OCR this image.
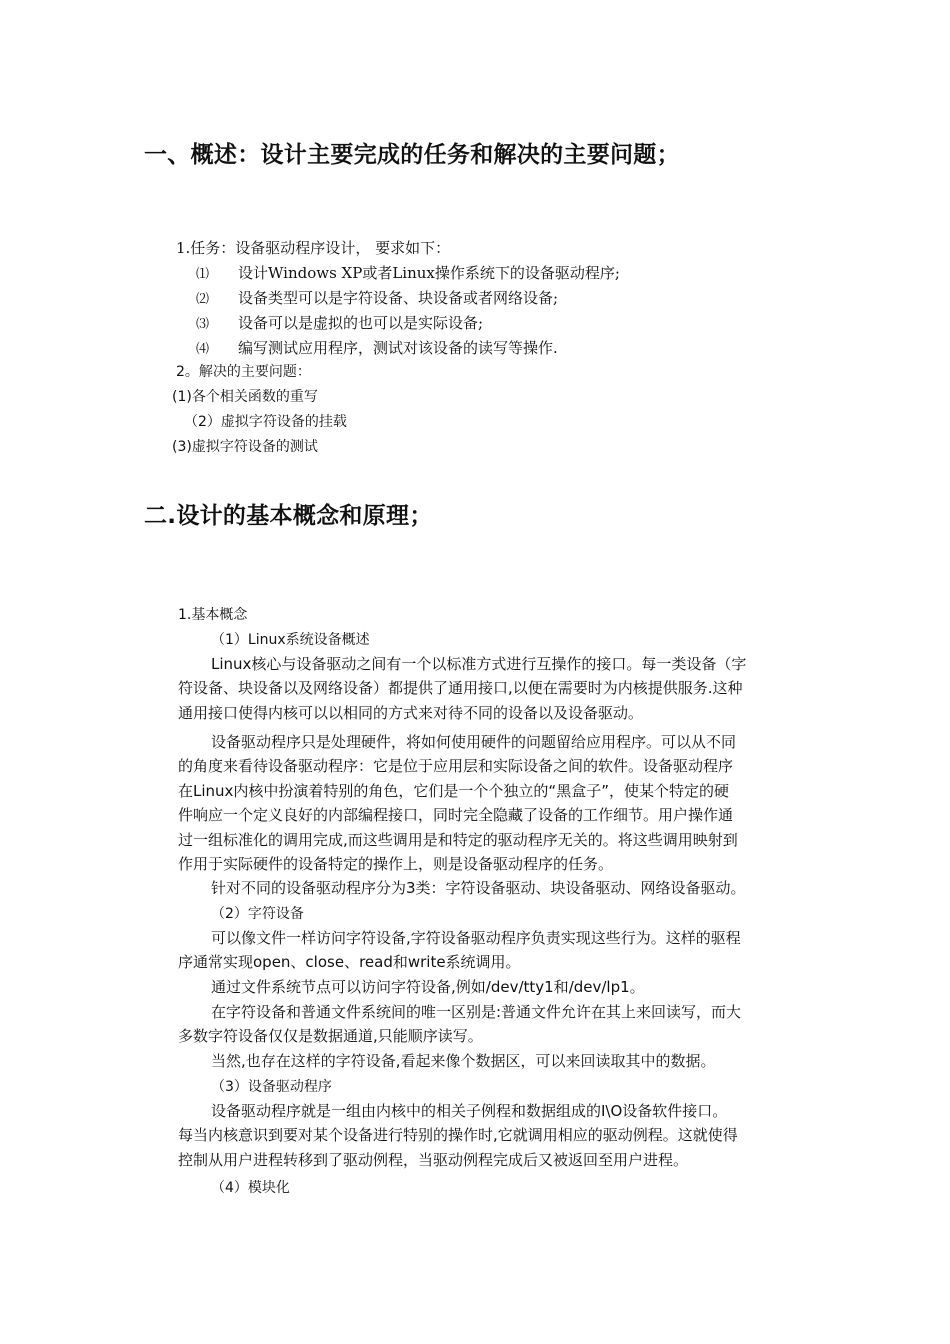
一、概述：设计主要完成的任务和解决的主要问题；
1.任务：设备驱动程序设计， 要求如下：
⑴ 设计Windows XP或者Linux操作系统下的设备驱动程序;
⑵ 设备类型可以是字符设备、块设备或者网络设备;
⑶ 设备可以是虚拟的也可以是实际设备;
⑷ 编写测试应用程序，测试对该设备的读写等操作.
2。解决的主要问题：
(1)各个相关函数的重写
（2）虚拟字符设备的挂载
(3)虚拟字符设备的测试
二.设计的基本概念和原理；
1.基本概念
（1）Linux系统设备概述
Linux核心与设备驱动之间有一个以标准方式进行互操作的接口。每一类设备（字
符设备、块设备以及网络设备）都提供了通用接口,以便在需要时为内核提供服务.这种
通用接口使得内核可以以相同的方式来对待不同的设备以及设备驱动。
设备驱动程序只是处理硬件，将如何使用硬件的问题留给应用程序。可以从不同
的角度来看待设备驱动程序：它是位于应用层和实际设备之间的软件。设备驱动程序
在Linux内核中扮演着特别的角色，它们是一个个独立的“黑盒子”，使某个特定的硬
件响应一个定义良好的内部编程接口，同时完全隐藏了设备的工作细节。用户操作通
过一组标准化的调用完成,而这些调用是和特定的驱动程序无关的。将这些调用映射到
作用于实际硬件的设备特定的操作上，则是设备驱动程序的任务。
针对不同的设备驱动程序分为3类：字符设备驱动、块设备驱动、网络设备驱动。
（2）字符设备
可以像文件一样访问字符设备,字符设备驱动程序负责实现这些行为。这样的驱程
序通常实现open、close、read和write系统调用。
通过文件系统节点可以访问字符设备,例如/dev/tty1和/dev/lp1。
在字符设备和普通文件系统间的唯一区别是:普通文件允许在其上来回读写，而大
多数字符设备仅仅是数据通道,只能顺序读写。
当然,也存在这样的字符设备,看起来像个数据区，可以来回读取其中的数据。
（3）设备驱动程序
设备驱动程序就是一组由内核中的相关子例程和数据组成的I\O设备软件接口。
每当内核意识到要对某个设备进行特别的操作时,它就调用相应的驱动例程。这就使得
控制从用户进程转移到了驱动例程，当驱动例程完成后又被返回至用户进程。
（4）模块化
